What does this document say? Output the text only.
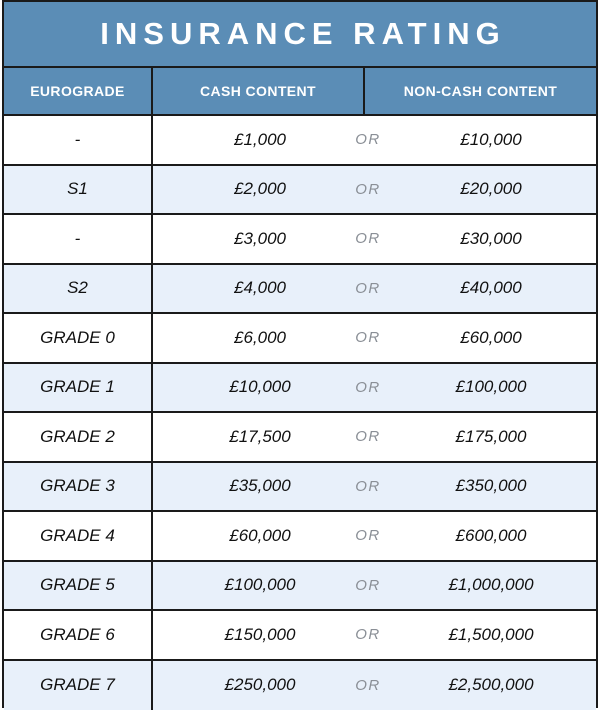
INSURANCE RATING
EUROGRADE	CASH CONTENT	NON-CASH CONTENT
-	£1,000	OR	£10,000
S1	£2,000	OR	£20,000
-	£3,000	OR	£30,000
S2	£4,000	OR	£40,000
GRADE 0	£6,000	OR	£60,000
GRADE 1	£10,000	OR	£100,000
GRADE 2	£17,500	OR	£175,000
GRADE 3	£35,000	OR	£350,000
GRADE 4	£60,000	OR	£600,000
GRADE 5	£100,000	OR	£1,000,000
GRADE 6	£150,000	OR	£1,500,000
GRADE 7	£250,000	OR	£2,500,000
